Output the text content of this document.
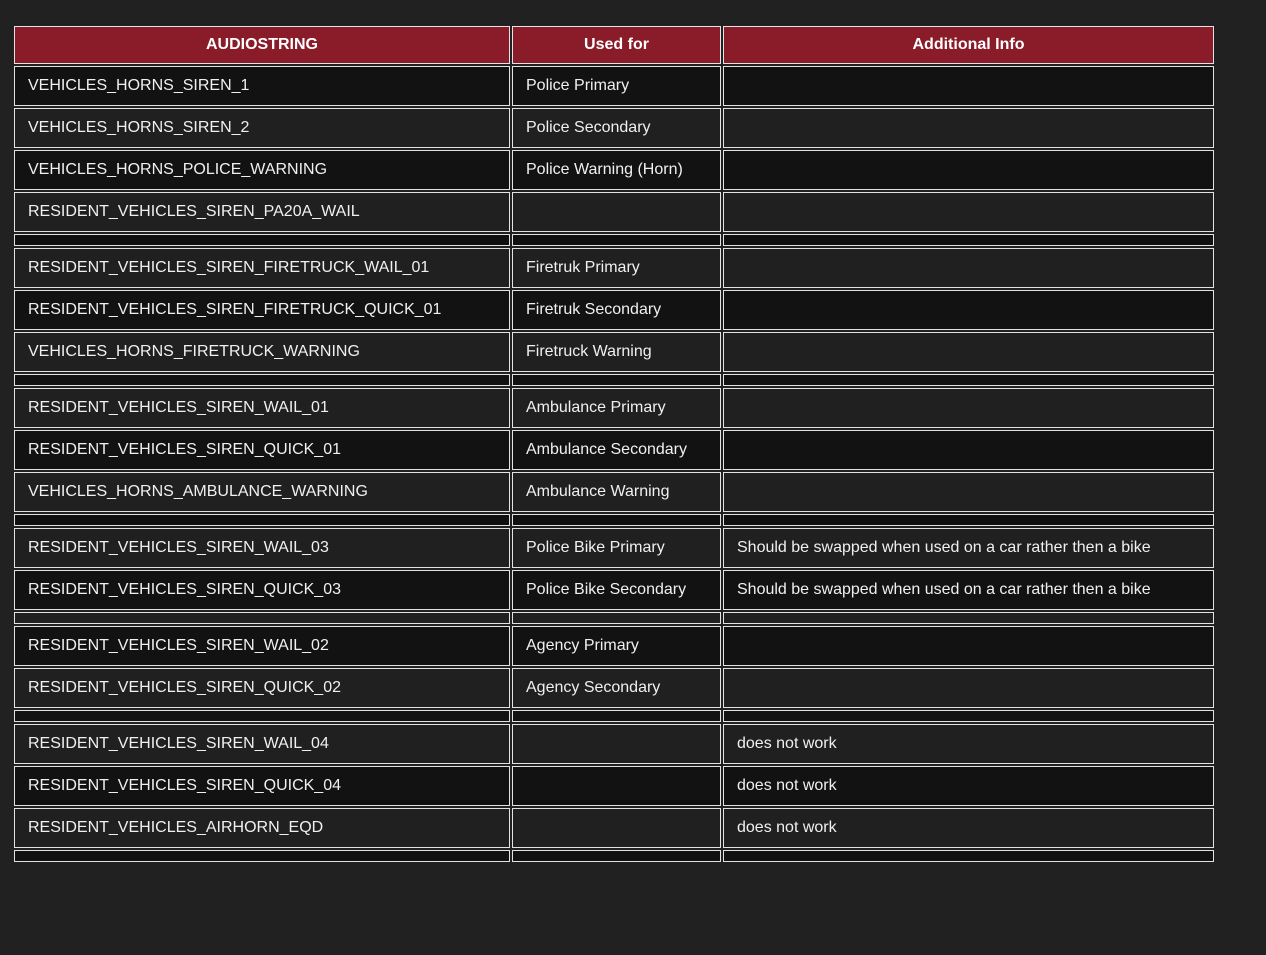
AUDIOSTRING	Used for	Additional Info
VEHICLES_HORNS_SIREN_1	Police Primary	
VEHICLES_HORNS_SIREN_2	Police Secondary	
VEHICLES_HORNS_POLICE_WARNING	Police Warning (Horn)	
RESIDENT_VEHICLES_SIREN_PA20A_WAIL		

RESIDENT_VEHICLES_SIREN_FIRETRUCK_WAIL_01	Firetruk Primary	
RESIDENT_VEHICLES_SIREN_FIRETRUCK_QUICK_01	Firetruk Secondary	
VEHICLES_HORNS_FIRETRUCK_WARNING	Firetruck Warning	

RESIDENT_VEHICLES_SIREN_WAIL_01	Ambulance Primary	
RESIDENT_VEHICLES_SIREN_QUICK_01	Ambulance Secondary	
VEHICLES_HORNS_AMBULANCE_WARNING	Ambulance Warning	

RESIDENT_VEHICLES_SIREN_WAIL_03	Police Bike Primary	Should be swapped when used on a car rather then a bike
RESIDENT_VEHICLES_SIREN_QUICK_03	Police Bike Secondary	Should be swapped when used on a car rather then a bike

RESIDENT_VEHICLES_SIREN_WAIL_02	Agency Primary	
RESIDENT_VEHICLES_SIREN_QUICK_02	Agency Secondary	

RESIDENT_VEHICLES_SIREN_WAIL_04		does not work
RESIDENT_VEHICLES_SIREN_QUICK_04		does not work
RESIDENT_VEHICLES_AIRHORN_EQD		does not work
